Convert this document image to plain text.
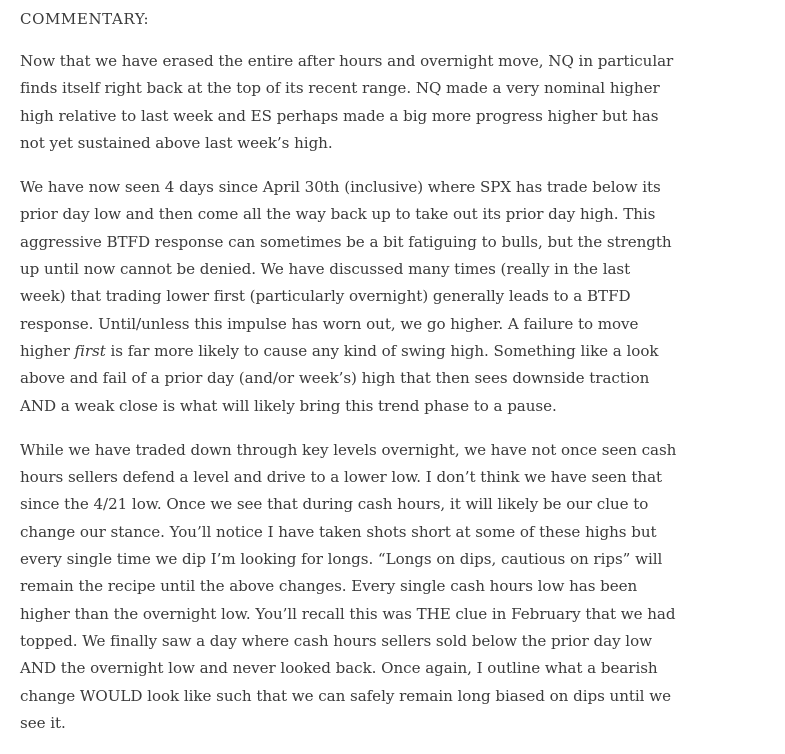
COMMENTARY:

Now that we have erased the entire after hours and overnight move, NQ in particular finds itself right back at the top of its recent range. NQ made a very nominal higher high relative to last week and ES perhaps made a big more progress higher but has not yet sustained above last week’s high.

We have now seen 4 days since April 30th (inclusive) where SPX has trade below its prior day low and then come all the way back up to take out its prior day high. This aggressive BTFD response can sometimes be a bit fatiguing to bulls, but the strength up until now cannot be denied. We have discussed many times (really in the last week) that trading lower first (particularly overnight) generally leads to a BTFD response. Until/unless this impulse has worn out, we go higher. A failure to move higher first is far more likely to cause any kind of swing high. Something like a look above and fail of a prior day (and/or week’s) high that then sees downside traction AND a weak close is what will likely bring this trend phase to a pause.

While we have traded down through key levels overnight, we have not once seen cash hours sellers defend a level and drive to a lower low. I don’t think we have seen that since the 4/21 low. Once we see that during cash hours, it will likely be our clue to change our stance. You’ll notice I have taken shots short at some of these highs but every single time we dip I’m looking for longs. “Longs on dips, cautious on rips” will remain the recipe until the above changes. Every single cash hours low has been higher than the overnight low. You’ll recall this was THE clue in February that we had topped. We finally saw a day where cash hours sellers sold below the prior day low AND the overnight low and never looked back. Once again, I outline what a bearish change WOULD look like such that we can safely remain long biased on dips until we see it.
